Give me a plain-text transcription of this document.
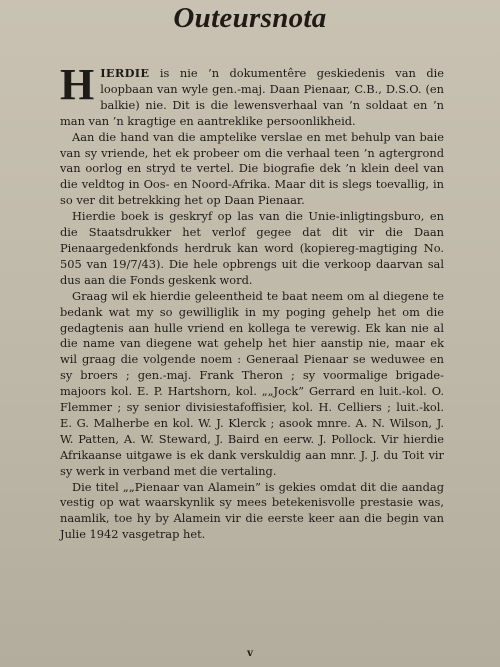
Outeursnota

HIERDIE is nie ’n dokumentêre geskiedenis van die loopbaan van wyle gen.-maj. Daan Pienaar, C.B., D.S.O. (en balkie) nie. Dit is die lewensverhaal van ’n soldaat en ’n man van ’n kragtige en aantreklike persoonlikheid.

Aan die hand van die amptelike verslae en met behulp van baie van sy vriende, het ek probeer om die verhaal teen ’n agtergrond van oorlog en stryd te vertel. Die biografie dek ’n klein deel van die veldtog in Oos- en Noord-Afrika. Maar dit is slegs toevallig, in so ver dit betrekking het op Daan Pienaar.

Hierdie boek is geskryf op las van die Unie-inligtingsburo, en die Staatsdrukker het verlof gegee dat dit vir die Daan Pienaargedenkfonds herdruk kan word (kopiereg-magtiging No. 505 van 19/7/43). Die hele opbrengs uit die verkoop daarvan sal dus aan die Fonds geskenk word.

Graag wil ek hierdie geleentheid te baat neem om al diegene te bedank wat my so gewilliglik in my poging gehelp het om die gedagtenis aan hulle vriend en kollega te verewig. Ek kan nie al die name van diegene wat gehelp het hier aanstip nie, maar ek wil graag die volgende noem : Generaal Pienaar se weduwee en sy broers ; gen.-maj. Frank Theron ; sy voormalige brigade-majoors kol. E. P. Hartshorn, kol. „„Jock” Gerrard en luit.-kol. O. Flemmer ; sy senior divisiestafoffisier, kol. H. Celliers ; luit.-kol. E. G. Malherbe en kol. W. J. Klerck ; asook mnre. A. N. Wilson, J. W. Patten, A. W. Steward, J. Baird en eerw. J. Pollock. Vir hierdie Afrikaanse uitgawe is ek dank verskuldig aan mnr. J. J. du Toit vir sy werk in verband met die vertaling.

Die titel „„Pienaar van Alamein” is gekies omdat dit die aandag vestig op wat waarskynlik sy mees betekenisvolle prestasie was, naamlik, toe hy by Alamein vir die eerste keer aan die begin van Julie 1942 vasgetrap het.

v
